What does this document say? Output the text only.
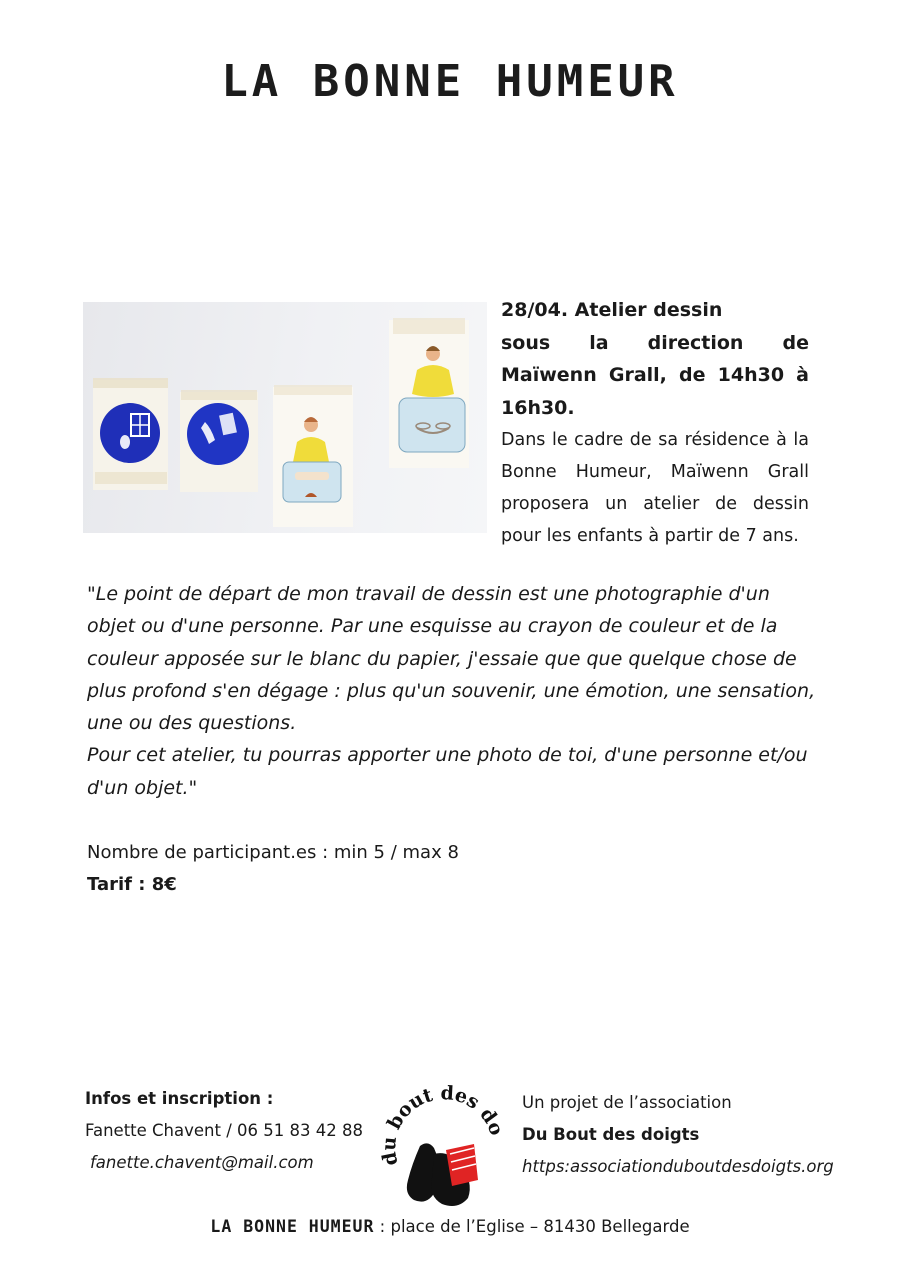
LA BONNE HUMEUR
28/04. Atelier dessin
sous la direction de Maïwenn Grall, de 14h30 à 16h30.
Dans le cadre de sa résidence à la Bonne Humeur, Maïwenn Grall proposera un atelier de dessin pour les enfants à partir de 7 ans.

"Le point de départ de mon travail de dessin est une photographie d'un objet ou d'une personne. Par une esquisse au crayon de couleur et de la couleur apposée sur le blanc du papier, j'essaie que que quelque chose de plus profond s'en dégage : plus qu'un souvenir, une émotion, une sensation, une ou des questions.

Pour cet atelier, tu pourras apporter une photo de toi, d'une personne et/ou d'un objet."

Nombre de participant.es : min 5 / max 8
Tarif : 8€
Infos et inscription :
Fanette Chavent / 06 51 83 42 88
fanette.chavent@mail.com	du bout des do
Un projet de l’association
Du Bout des doigts
https:associationduboutdesdoigts.org
LA BONNE HUMEUR : place de l’Eglise – 81430 Bellegarde
